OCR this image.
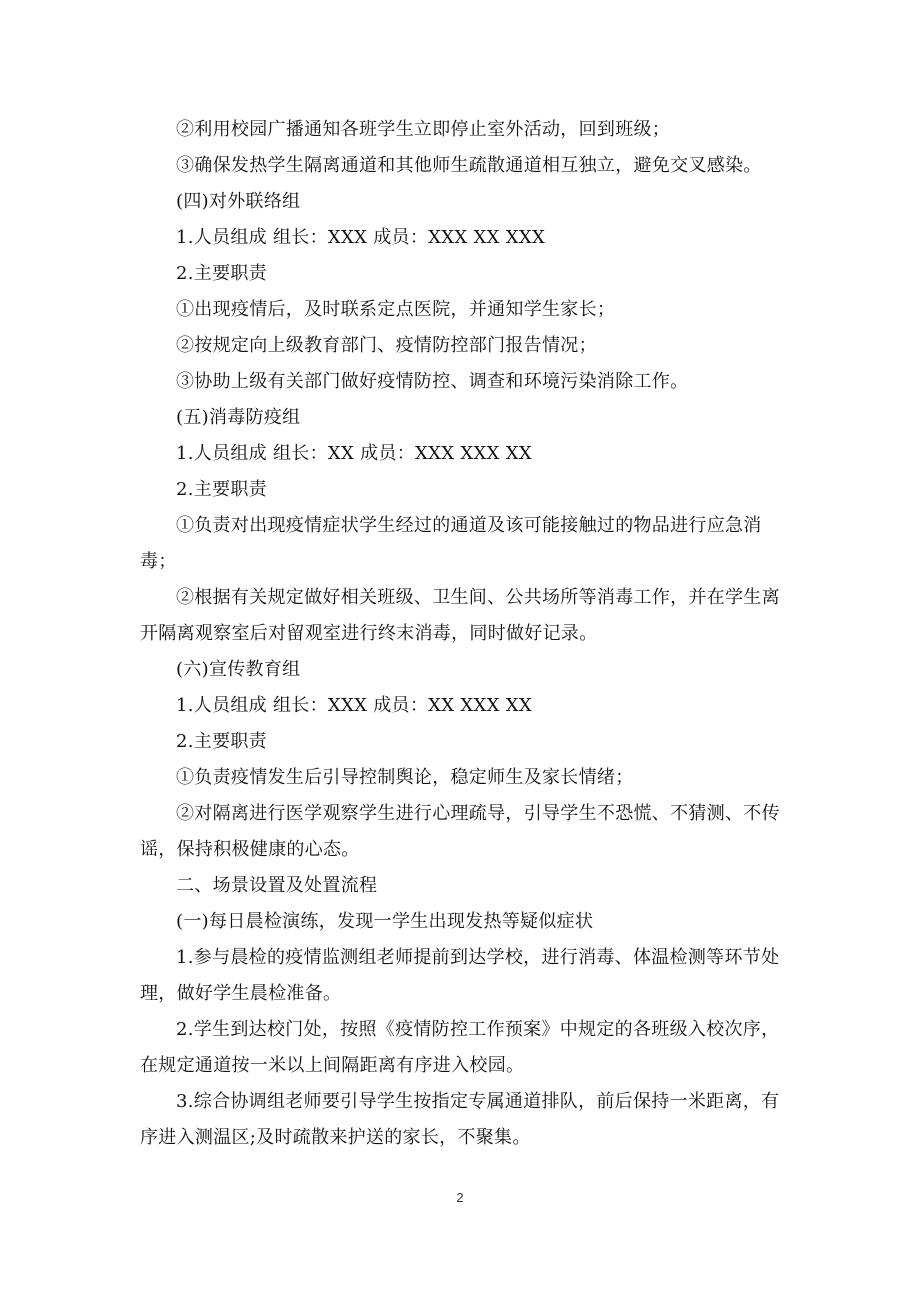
②利用校园广播通知各班学生立即停止室外活动，回到班级；

③确保发热学生隔离通道和其他师生疏散通道相互独立，避免交叉感染。

(四)对外联络组

1.人员组成 组长：XXX 成员：XXX XX XXX

2.主要职责

①出现疫情后，及时联系定点医院，并通知学生家长；

②按规定向上级教育部门、疫情防控部门报告情况；

③协助上级有关部门做好疫情防控、调查和环境污染消除工作。

(五)消毒防疫组

1.人员组成 组长：XX 成员：XXX XXX XX

2.主要职责

①负责对出现疫情症状学生经过的通道及该可能接触过的物品进行应急消毒；

②根据有关规定做好相关班级、卫生间、公共场所等消毒工作，并在学生离开隔离观察室后对留观室进行终末消毒，同时做好记录。

(六)宣传教育组

1.人员组成 组长：XXX 成员：XX XXX XX

2.主要职责

①负责疫情发生后引导控制舆论，稳定师生及家长情绪；

②对隔离进行医学观察学生进行心理疏导，引导学生不恐慌、不猜测、不传谣，保持积极健康的心态。

二、场景设置及处置流程

(一)每日晨检演练，发现一学生出现发热等疑似症状

1.参与晨检的疫情监测组老师提前到达学校，进行消毒、体温检测等环节处理，做好学生晨检准备。

2.学生到达校门处，按照《疫情防控工作预案》中规定的各班级入校次序，在规定通道按一米以上间隔距离有序进入校园。

3.综合协调组老师要引导学生按指定专属通道排队，前后保持一米距离，有序进入测温区;及时疏散来护送的家长，不聚集。

2
